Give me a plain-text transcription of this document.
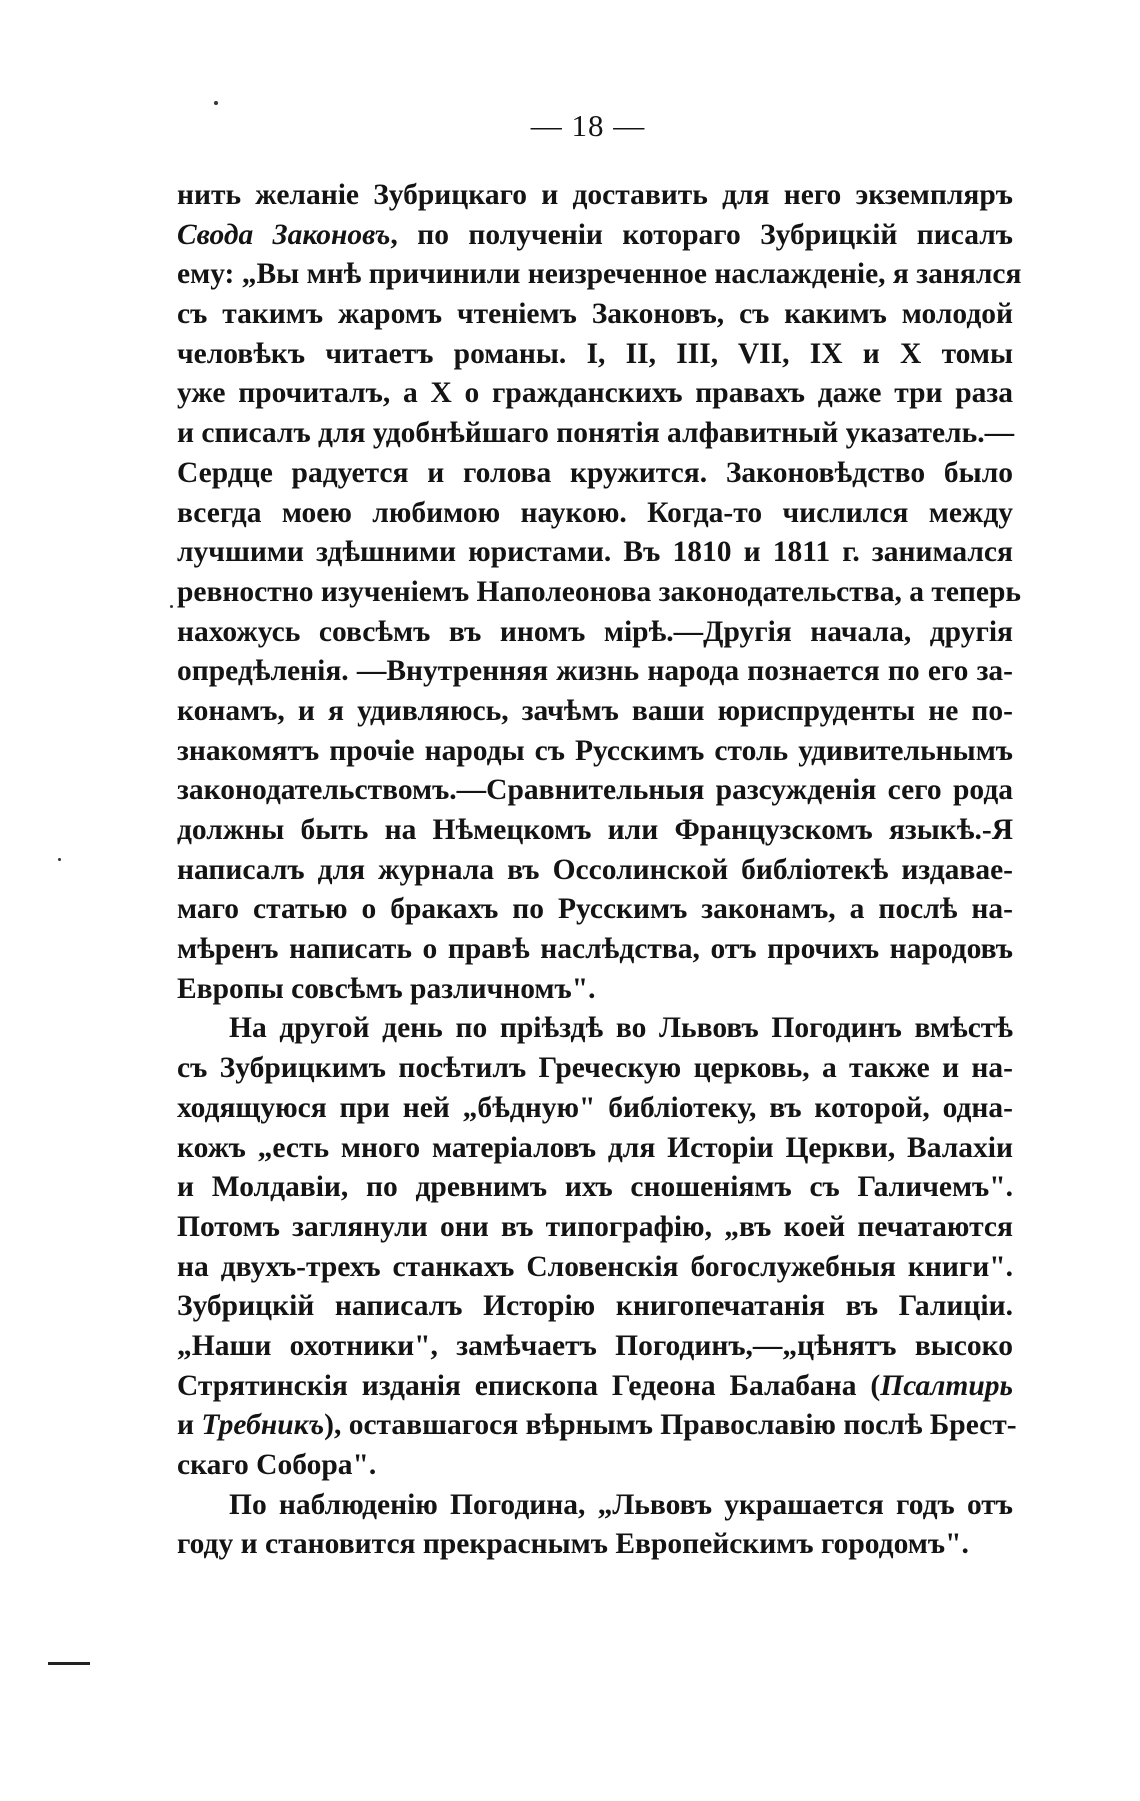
— 18 —
нить желаніе Зубрицкаго и доставить для него экземпляръ
Свода Законовъ, по полученіи котораго Зубрицкій писалъ
ему: „Вы мнѣ причинили неизреченное наслажденіе, я занялся
съ такимъ жаромъ чтеніемъ Законовъ, съ какимъ молодой
человѣкъ читаетъ романы. I, II, III, VII, IX и X томы
уже прочиталъ, а X о гражданскихъ правахъ даже три раза
и списалъ для удобнѣйшаго понятія алфавитный указатель.—
Сердце радуется и голова кружится. Законовѣдство было
всегда моею любимою наукою. Когда-то числился между
лучшими здѣшними юристами. Въ 1810 и 1811 г. занимался
ревностно изученіемъ Наполеонова законодательства, а теперь
нахожусь совсѣмъ въ иномъ мірѣ.—Другія начала, другія
опредѣленія. —Внутренняя жизнь народа познается по его за-
конамъ, и я удивляюсь, зачѣмъ ваши юриспруденты не по-
знакомятъ прочіе народы съ Русскимъ столь удивительнымъ
законодательствомъ.—Сравнительныя разсужденія сего рода
должны быть на Нѣмецкомъ или Французскомъ языкѣ.-Я
написалъ для журнала въ Оссолинской библіотекѣ издавае-
маго статью о бракахъ по Русскимъ законамъ, а послѣ на-
мѣренъ написать о правѣ наслѣдства, отъ прочихъ народовъ
Европы совсѣмъ различномъ".
На другой день по пріѣздѣ во Львовъ Погодинъ вмѣстѣ
съ Зубрицкимъ посѣтилъ Греческую церковь, а также и на-
ходящуюся при ней „бѣдную" библіотеку, въ которой, одна-
кожъ „есть много матеріаловъ для Исторіи Церкви, Валахіи
и Молдавіи, по древнимъ ихъ сношеніямъ съ Галичемъ".
Потомъ заглянули они въ типографію, „въ коей печатаются
на двухъ-трехъ станкахъ Словенскія богослужебныя книги".
Зубрицкій написалъ Исторію книгопечатанія въ Галиціи.
„Наши охотники", замѣчаетъ Погодинъ,—„цѣнятъ высоко
Стрятинскія изданія епископа Гедеона Балабана (Псалтирь
и Требникъ), оставшагося вѣрнымъ Православію послѣ Брест-
скаго Собора".
По наблюденію Погодина, „Львовъ украшается годъ отъ
году и становится прекраснымъ Европейскимъ городомъ".
